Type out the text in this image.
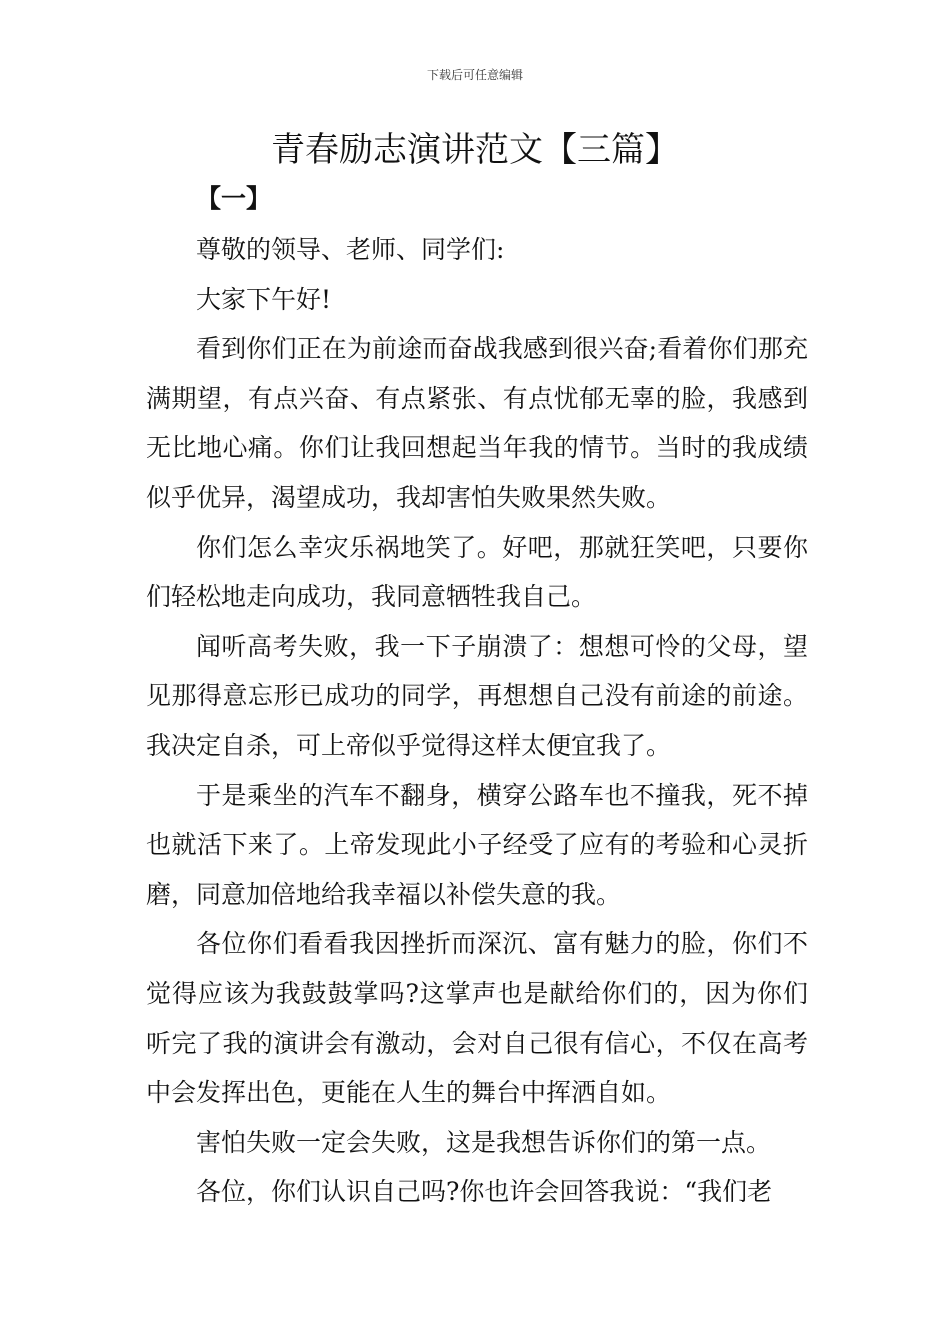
下载后可任意编辑
青春励志演讲范文【三篇】
【一】

尊敬的领导、老师、同学们:

大家下午好!

看到你们正在为前途而奋战我感到很兴奋;看着你们那充满期望，有点兴奋、有点紧张、有点忧郁无辜的脸，我感到无比地心痛。你们让我回想起当年我的情节。当时的我成绩似乎优异，渴望成功，我却害怕失败果然失败。

你们怎么幸灾乐祸地笑了。好吧，那就狂笑吧，只要你们轻松地走向成功，我同意牺牲我自己。

闻听高考失败，我一下子崩溃了：想想可怜的父母，望见那得意忘形已成功的同学，再想想自己没有前途的前途。我决定自杀，可上帝似乎觉得这样太便宜我了。

于是乘坐的汽车不翻身，横穿公路车也不撞我，死不掉也就活下来了。上帝发现此小子经受了应有的考验和心灵折磨，同意加倍地给我幸福以补偿失意的我。

各位你们看看我因挫折而深沉、富有魅力的脸，你们不觉得应该为我鼓鼓掌吗?这掌声也是献给你们的，因为你们听完了我的演讲会有激动，会对自己很有信心，不仅在高考中会发挥出色，更能在人生的舞台中挥洒自如。

害怕失败一定会失败，这是我想告诉你们的第一点。

各位，你们认识自己吗?你也许会回答我说：“我们老
